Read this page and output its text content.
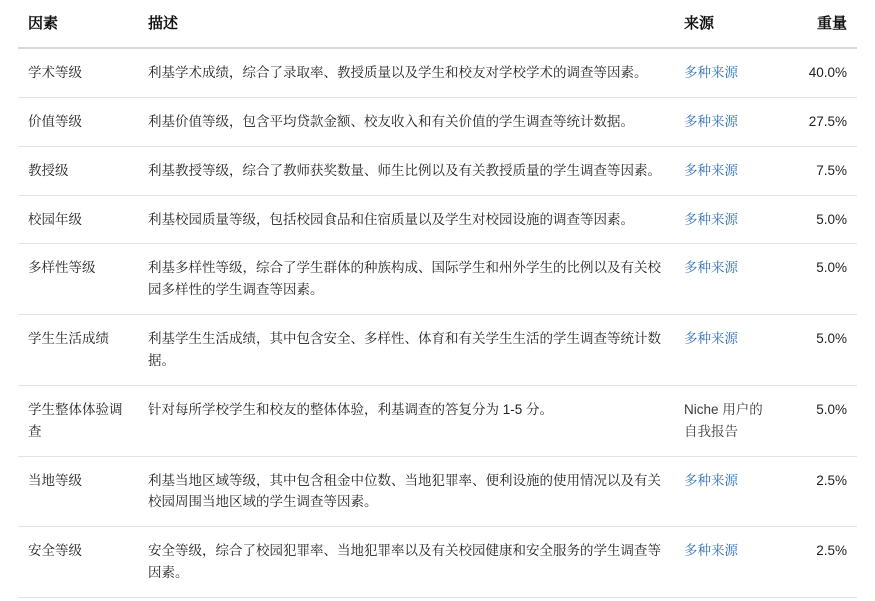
因素	描述	来源	重量
学术等级	利基学术成绩，综合了录取率、教授质量以及学生和校友对学校学术的调查等因素。	多种来源	40.0%
价值等级	利基价值等级，包含平均贷款金额、校友收入和有关价值的学生调查等统计数据。	多种来源	27.5%
教授级	利基教授等级，综合了教师获奖数量、师生比例以及有关教授质量的学生调查等因素。	多种来源	7.5%
校园年级	利基校园质量等级，包括校园食品和住宿质量以及学生对校园设施的调查等因素。	多种来源	5.0%
多样性等级	利基多样性等级，综合了学生群体的种族构成、国际学生和州外学生的比例以及有关校园多样性的学生调查等因素。	多种来源	5.0%
学生生活成绩	利基学生生活成绩，其中包含安全、多样性、体育和有关学生生活的学生调查等统计数据。	多种来源	5.0%
学生整体体验调查	针对每所学校学生和校友的整体体验，利基调查的答复分为 1-5 分。	Niche 用户的自我报告	5.0%
当地等级	利基当地区域等级，其中包含租金中位数、当地犯罪率、便利设施的使用情况以及有关校园周围当地区域的学生调查等因素。	多种来源	2.5%
安全等级	安全等级，综合了校园犯罪率、当地犯罪率以及有关校园健康和安全服务的学生调查等因素。	多种来源	2.5%
